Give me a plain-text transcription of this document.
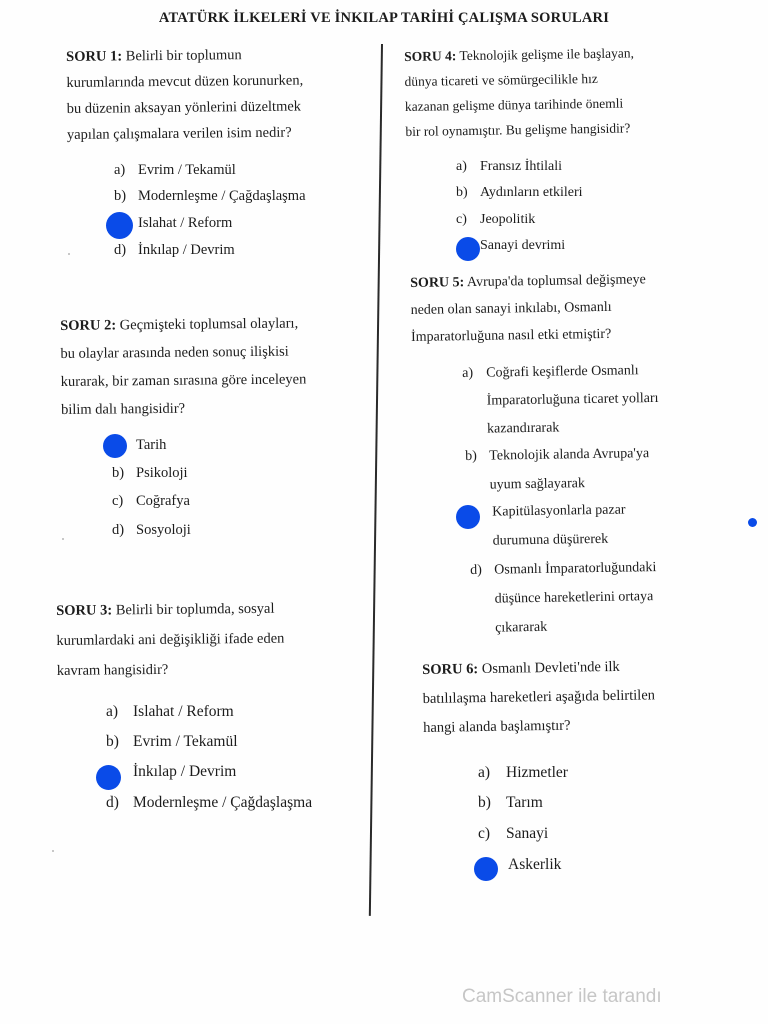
ATATÜRK İLKELERİ VE İNKILAP TARİHİ ÇALIŞMA SORULARI
SORU 1: Belirli bir toplumun
kurumlarında mevcut düzen korunurken,
bu düzenin aksayan yönlerini düzeltmek
yapılan çalışmalara verilen isim nedir?
a) Evrim / Tekamül
b) Modernleşme / Çağdaşlaşma
Islahat / Reform
d) İnkılap / Devrim
SORU 2: Geçmişteki toplumsal olayları,
bu olaylar arasında neden sonuç ilişkisi
kurarak, bir zaman sırasına göre inceleyen
bilim dalı hangisidir?
Tarih
b) Psikoloji
c) Coğrafya
d) Sosyoloji
SORU 3: Belirli bir toplumda, sosyal
kurumlardaki ani değişikliği ifade eden
kavram hangisidir?
a) Islahat / Reform
b) Evrim / Tekamül
İnkılap / Devrim
d) Modernleşme / Çağdaşlaşma
SORU 4: Teknolojik gelişme ile başlayan,
dünya ticareti ve sömürgecilikle hız
kazanan gelişme dünya tarihinde önemli
bir rol oynamıştır. Bu gelişme hangisidir?
a) Fransız İhtilali
b) Aydınların etkileri
c) Jeopolitik
Sanayi devrimi
SORU 5: Avrupa'da toplumsal değişmeye
neden olan sanayi inkılabı, Osmanlı
İmparatorluğuna nasıl etki etmiştir?
a) Coğrafi keşiflerde Osmanlı
İmparatorluğuna ticaret yolları
kazandırarak
b) Teknolojik alanda Avrupa'ya
uyum sağlayarak
Kapitülasyonlarla pazar
durumuna düşürerek
d) Osmanlı İmparatorluğundaki
düşünce hareketlerini ortaya
çıkararak
SORU 6: Osmanlı Devleti'nde ilk
batılılaşma hareketleri aşağıda belirtilen
hangi alanda başlamıştır?
a) Hizmetler
b) Tarım
c) Sanayi
Askerlik
CamScanner ile tarandı
